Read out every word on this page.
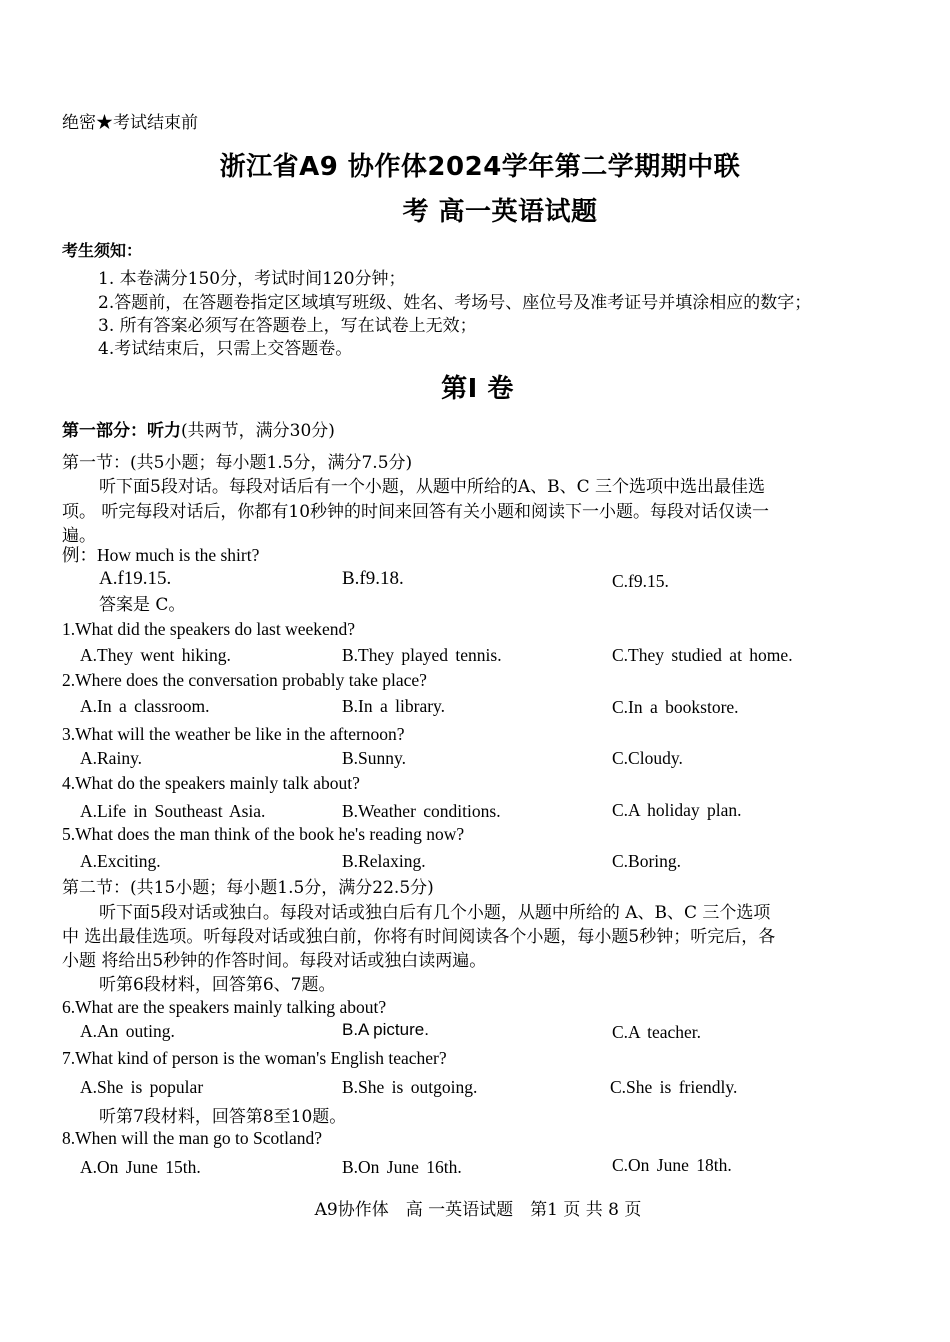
绝密★考试结束前
浙江省A9 协作体2024学年第二学期期中联
考 高一英语试题
考生须知：
1. 本卷满分150分，考试时间120分钟；
2.答题前，在答题卷指定区域填写班级、姓名、考场号、座位号及准考证号并填涂相应的数字；
3. 所有答案必须写在答题卷上，写在试卷上无效；
4.考试结束后，只需上交答题卷。
第I 卷
第一部分：听力(共两节，满分30分)
第一节：(共5小题；每小题1.5分，满分7.5分)
听下面5段对话。每段对话后有一个小题，从题中所给的A、B、C 三个选项中选出最佳选
项。 听完每段对话后，你都有10秒钟的时间来回答有关小题和阅读下一小题。每段对话仅读一
遍。
例：How much is the shirt?
A.f19.15.	B.f9.18.	C.f9.15.
答案是 C。
1.What did the speakers do last weekend?
A.They went hiking.	B.They played tennis.	C.They studied at home.
2.Where does the conversation probably take place?
A.In a classroom.	B.In a library.	C.In a bookstore.
3.What will the weather be like in the afternoon?
A.Rainy.	B.Sunny.	C.Cloudy.
4.What do the speakers mainly talk about?
A.Life in Southeast Asia.	B.Weather conditions.	C.A holiday plan.
5.What does the man think of the book he's reading now?
A.Exciting.	B.Relaxing.	C.Boring.
第二节：(共15小题；每小题1.5分，满分22.5分)
听下面5段对话或独白。每段对话或独白后有几个小题，从题中所给的 A、B、C 三个选项
中 选出最佳选项。听每段对话或独白前，你将有时间阅读各个小题，每小题5秒钟；听完后，各
小题 将给出5秒钟的作答时间。每段对话或独白读两遍。
听第6段材料，回答第6、7题。
6.What are the speakers mainly talking about?
A.An outing.	B.A picture.	C.A teacher.
7.What kind of person is the woman's English teacher?
A.She is popular	B.She is outgoing.	C.She is friendly.
听第7段材料，回答第8至10题。
8.When will the man go to Scotland?
A.On June 15th.	B.On June 16th.	C.On June 18th.
A9协作体　高 一英语试题　第1 页 共 8 页
